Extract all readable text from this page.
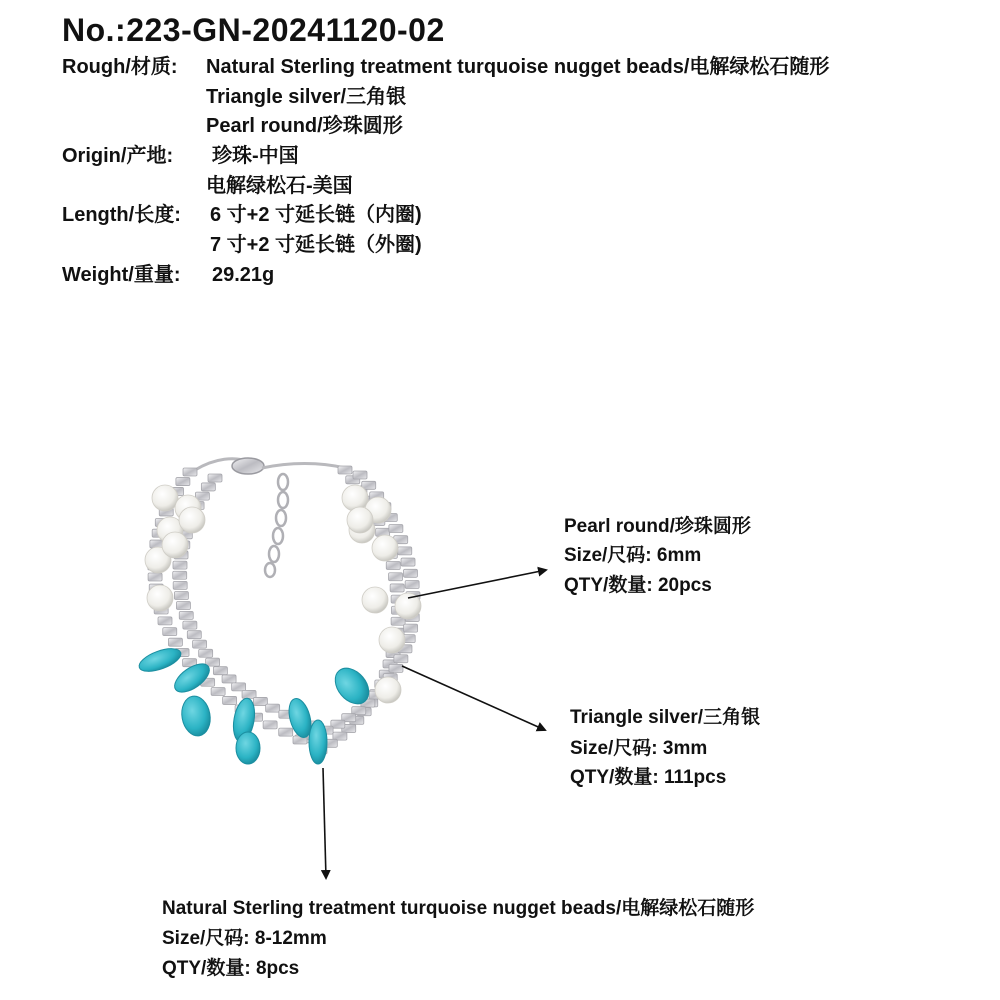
No.:223-GN-20241120-02
Rough/材质: Natural Sterling treatment turquoise nugget beads/电解绿松石随形
Triangle silver/三角银
Pearl round/珍珠圆形
Origin/产地: 珍珠-中国
电解绿松石-美国
Length/长度: 6 寸+2 寸延长链（内圈)
7 寸+2 寸延长链（外圈)
Weight/重量: 29.21g
Pearl round/珍珠圆形
Size/尺码: 6mm
QTY/数量: 20pcs
Triangle silver/三角银
Size/尺码: 3mm
QTY/数量: 111pcs
Natural Sterling treatment turquoise nugget beads/电解绿松石随形
Size/尺码: 8-12mm
QTY/数量: 8pcs
